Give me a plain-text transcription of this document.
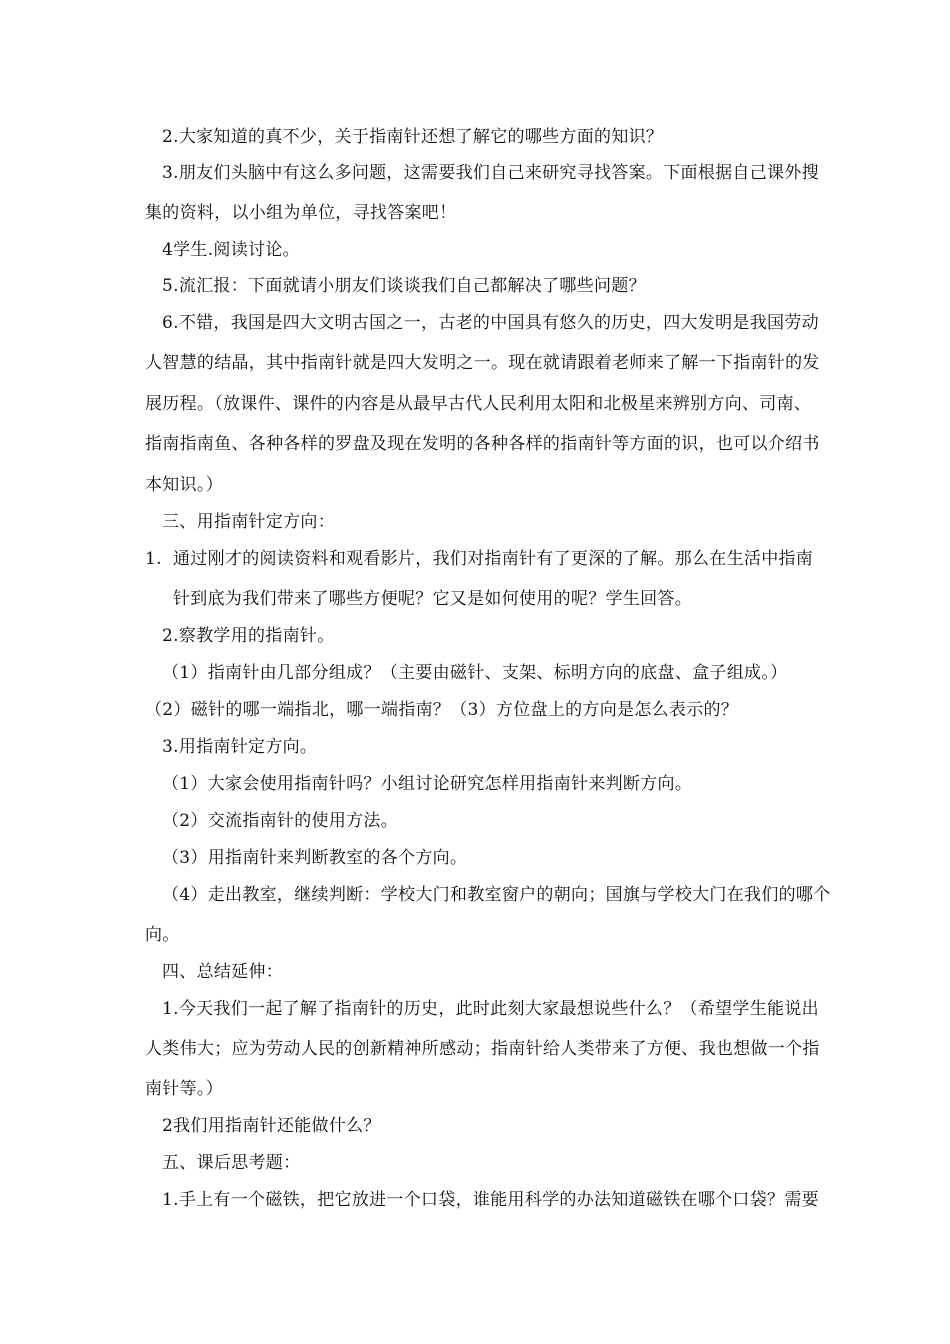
2.大家知道的真不少，关于指南针还想了解它的哪些方面的知识？
3.朋友们头脑中有这么多问题，这需要我们自己来研究寻找答案。下面根据自己课外搜
集的资料，以小组为单位，寻找答案吧！
4学生.阅读讨论。
5.流汇报：下面就请小朋友们谈谈我们自己都解决了哪些问题？
6.不错，我国是四大文明古国之一，古老的中国具有悠久的历史，四大发明是我国劳动
人智慧的结晶，其中指南针就是四大发明之一。现在就请跟着老师来了解一下指南针的发
展历程。（放课件、课件的内容是从最早古代人民利用太阳和北极星来辨别方向、司南、
指南指南鱼、各种各样的罗盘及现在发明的各种各样的指南针等方面的识，也可以介绍书
本知识。）
三、用指南针定方向：
1. 通过刚才的阅读资料和观看影片，我们对指南针有了更深的了解。那么在生活中指南
针到底为我们带来了哪些方便呢？它又是如何使用的呢？学生回答。
2.察教学用的指南针。
（1）指南针由几部分组成？（主要由磁针、支架、标明方向的底盘、盒子组成。）
（2）磁针的哪一端指北，哪一端指南？（3）方位盘上的方向是怎么表示的？
3.用指南针定方向。
（1）大家会使用指南针吗？小组讨论研究怎样用指南针来判断方向。
（2）交流指南针的使用方法。
（3）用指南针来判断教室的各个方向。
（4）走出教室，继续判断：学校大门和教室窗户的朝向；国旗与学校大门在我们的哪个
向。
四、总结延伸：
1.今天我们一起了解了指南针的历史，此时此刻大家最想说些什么？（希望学生能说出
人类伟大；应为劳动人民的创新精神所感动；指南针给人类带来了方便、我也想做一个指
南针等。）
2我们用指南针还能做什么？
五、课后思考题：
1.手上有一个磁铁，把它放进一个口袋，谁能用科学的办法知道磁铁在哪个口袋？需要
